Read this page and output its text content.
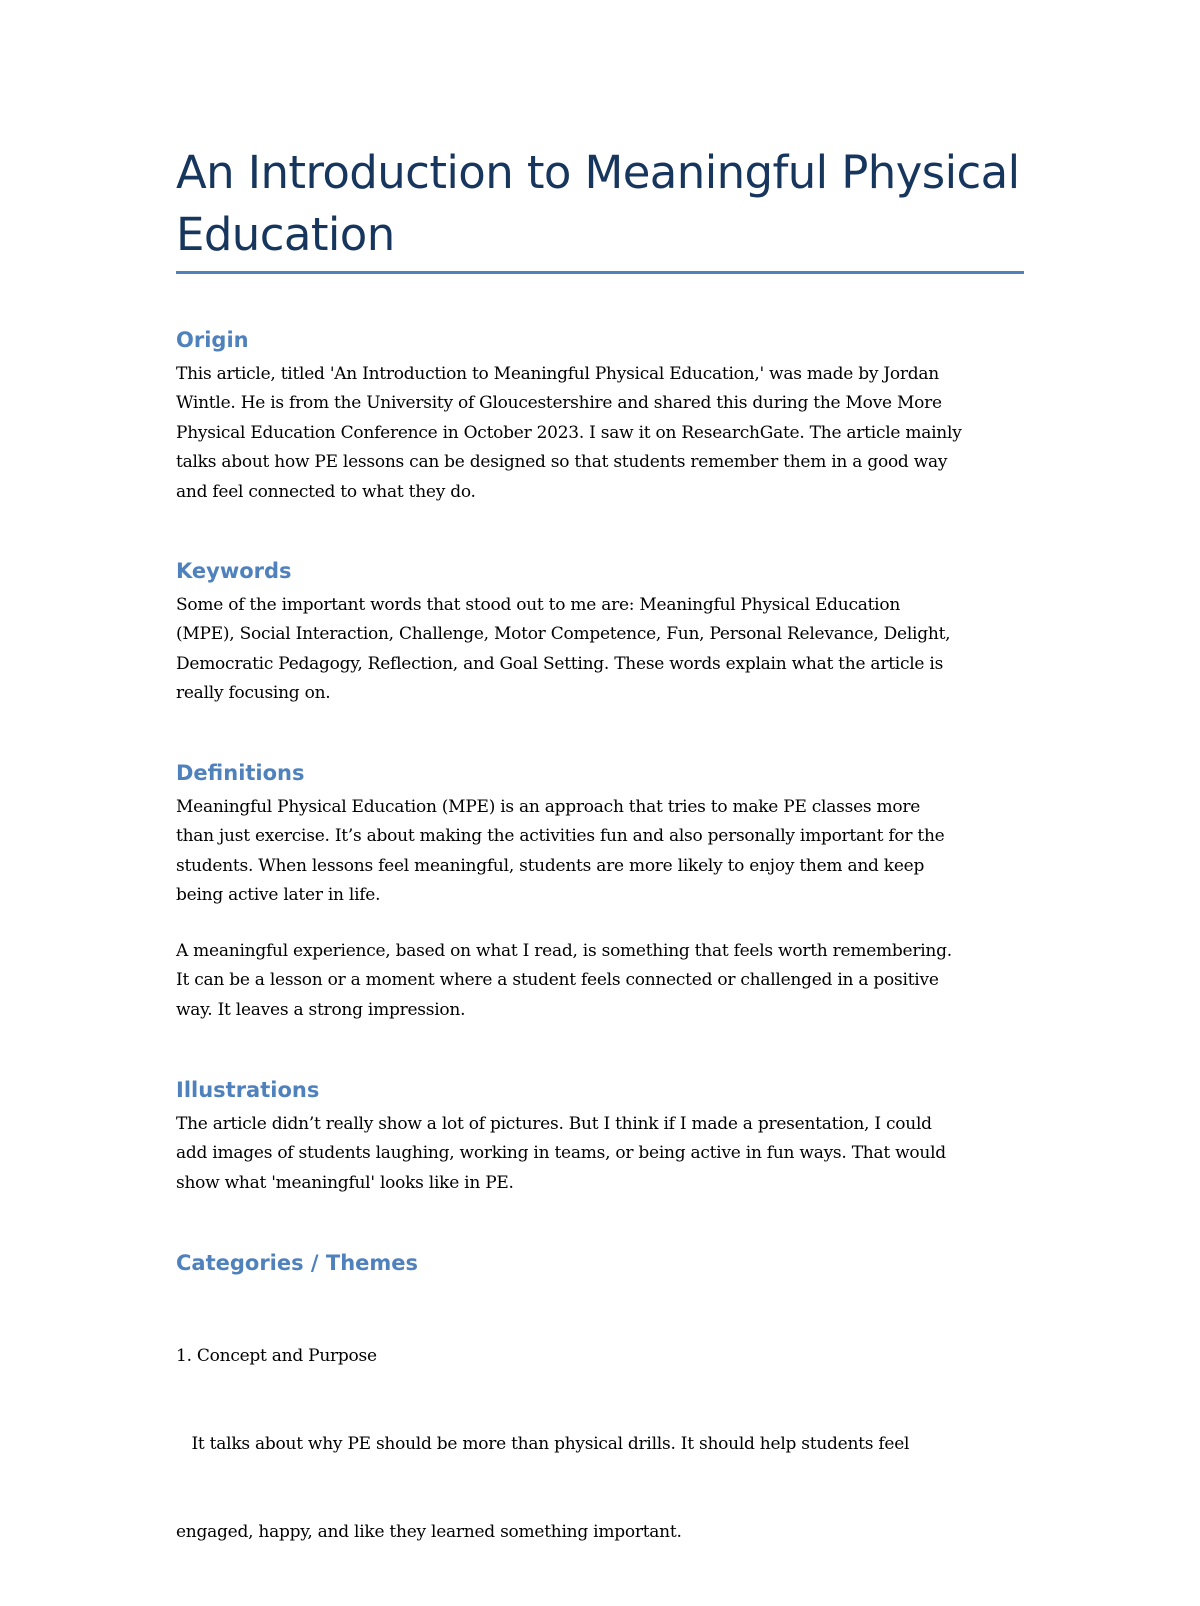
An Introduction to Meaningful Physical Education
Origin

This article, titled 'An Introduction to Meaningful Physical Education,' was made by Jordan
Wintle. He is from the University of Gloucestershire and shared this during the Move More
Physical Education Conference in October 2023. I saw it on ResearchGate. The article mainly
talks about how PE lessons can be designed so that students remember them in a good way
and feel connected to what they do.

Keywords

Some of the important words that stood out to me are: Meaningful Physical Education
(MPE), Social Interaction, Challenge, Motor Competence, Fun, Personal Relevance, Delight,
Democratic Pedagogy, Reflection, and Goal Setting. These words explain what the article is
really focusing on.

Definitions

Meaningful Physical Education (MPE) is an approach that tries to make PE classes more
than just exercise. It’s about making the activities fun and also personally important for the
students. When lessons feel meaningful, students are more likely to enjoy them and keep
being active later in life.

A meaningful experience, based on what I read, is something that feels worth remembering.
It can be a lesson or a moment where a student feels connected or challenged in a positive
way. It leaves a strong impression.

Illustrations

The article didn’t really show a lot of pictures. But I think if I made a presentation, I could
add images of students laughing, working in teams, or being active in fun ways. That would
show what 'meaningful' looks like in PE.

Categories / Themes

1. Concept and Purpose

It talks about why PE should be more than physical drills. It should help students feel

engaged, happy, and like they learned something important.
